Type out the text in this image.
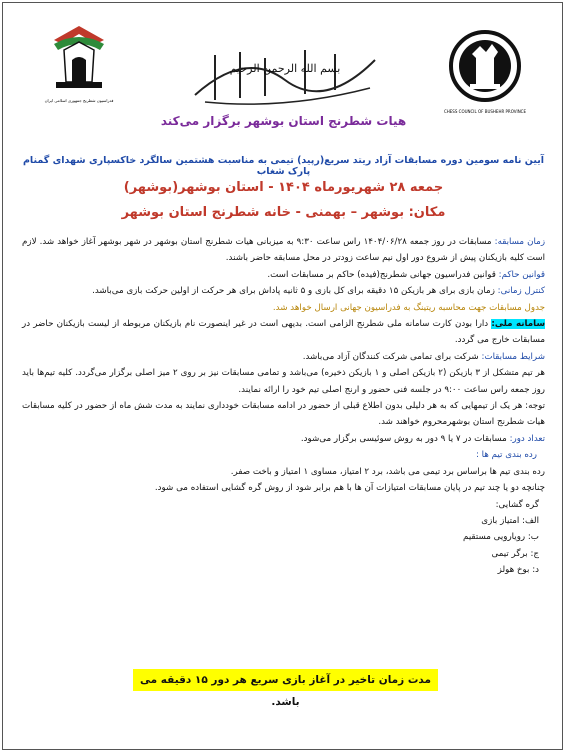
فدراسیون شطرنج جمهوری اسلامی ایران
بسم الله الرحمن الرحیم
CHESS COUNCIL OF BUSHEHR PROVINCE
هیات شطرنج استان بوشهر برگزار می‌کند
آیین نامه سومین دوره مسابقات آزاد ریتد سریع(رپید) تیمی به مناسبت هشتمین سالگرد خاکسپاری شهدای گمنام پارک شغاب
جمعه ۲۸ شهریورماه ۱۴۰۴ - استان بوشهر(بوشهر)
مکان: بوشهر – بهمنی - خانه شطرنج استان بوشهر

زمان مسابقه: مسابقات در روز جمعه ۱۴۰۴/۰۶/۲۸ راس ساعت ۹:۳۰ به میزبانی هیات شطرنج استان بوشهر در شهر بوشهر آغاز خواهد شد. لازم است کلیه بازیکنان پیش از شروع دور اول نیم ساعت زودتر در محل مسابقه حاضر باشند.

قوانین حاکم: قوانین فدراسیون جهانی شطرنج(فیده) حاکم بر مسابقات است.

کنترل زمانی: زمان بازی برای هر بازیکن ۱۵ دقیقه برای کل بازی و ۵ ثانیه پاداش برای هر حرکت از اولین حرکت بازی می‌باشد.

جدول مسابقات جهت محاسبه ریتینگ به فدراسیون جهانی ارسال خواهد شد.

سامانه ملی: دارا بودن کارت سامانه ملی شطرنج الزامی است. بدیهی است در غیر اینصورت نام بازیکنان مربوطه از لیست بازیکنان حاضر در مسابقات خارج می گردد.

شرایط مسابقات: شرکت برای تمامی شرکت کنندگان آزاد می‌باشد.

هر تیم متشکل از ۳ بازیکن (۲ بازیکن اصلی و ۱ بازیکن ذخیره) می‌باشد و تمامی مسابقات نیز بر روی ۲ میز اصلی برگزار می‌گردد. کلیه تیم‌ها باید روز جمعه راس ساعت ۹:۰۰ در جلسه فنی حضور و ارنج اصلی تیم خود را ارائه نمایند.

توجه: هر یک از تیمهایی که به هر دلیلی بدون اطلاع قبلی از حضور در ادامه مسابقات خودداری نمایند به مدت شش ماه از حضور در کلیه مسابقات هیات شطرنج استان بوشهرمحروم خواهند شد.

تعداد دور: مسابقات در ۷ یا ۹ دور به روش سوئیسی برگزار می‌شود.

رده بندی تیم ها :

رده بندی تیم ها براساس برد تیمی می باشد، برد ۲ امتیاز، مساوی ۱ امتیاز و باخت صفر.

چنانچه دو یا چند تیم در پایان مسابقات امتیازات آن ها با هم برابر شود از روش گره گشایی استفاده می شود.

گره گشایی:

الف: امتیاز بازی

ب: رویارویی مستقیم

ج: برگر تیمی

د: بوخ هولز

مدت زمان تاخیر در آغاز بازی سریع هر دور ۱۵ دقیقه می باشد.
